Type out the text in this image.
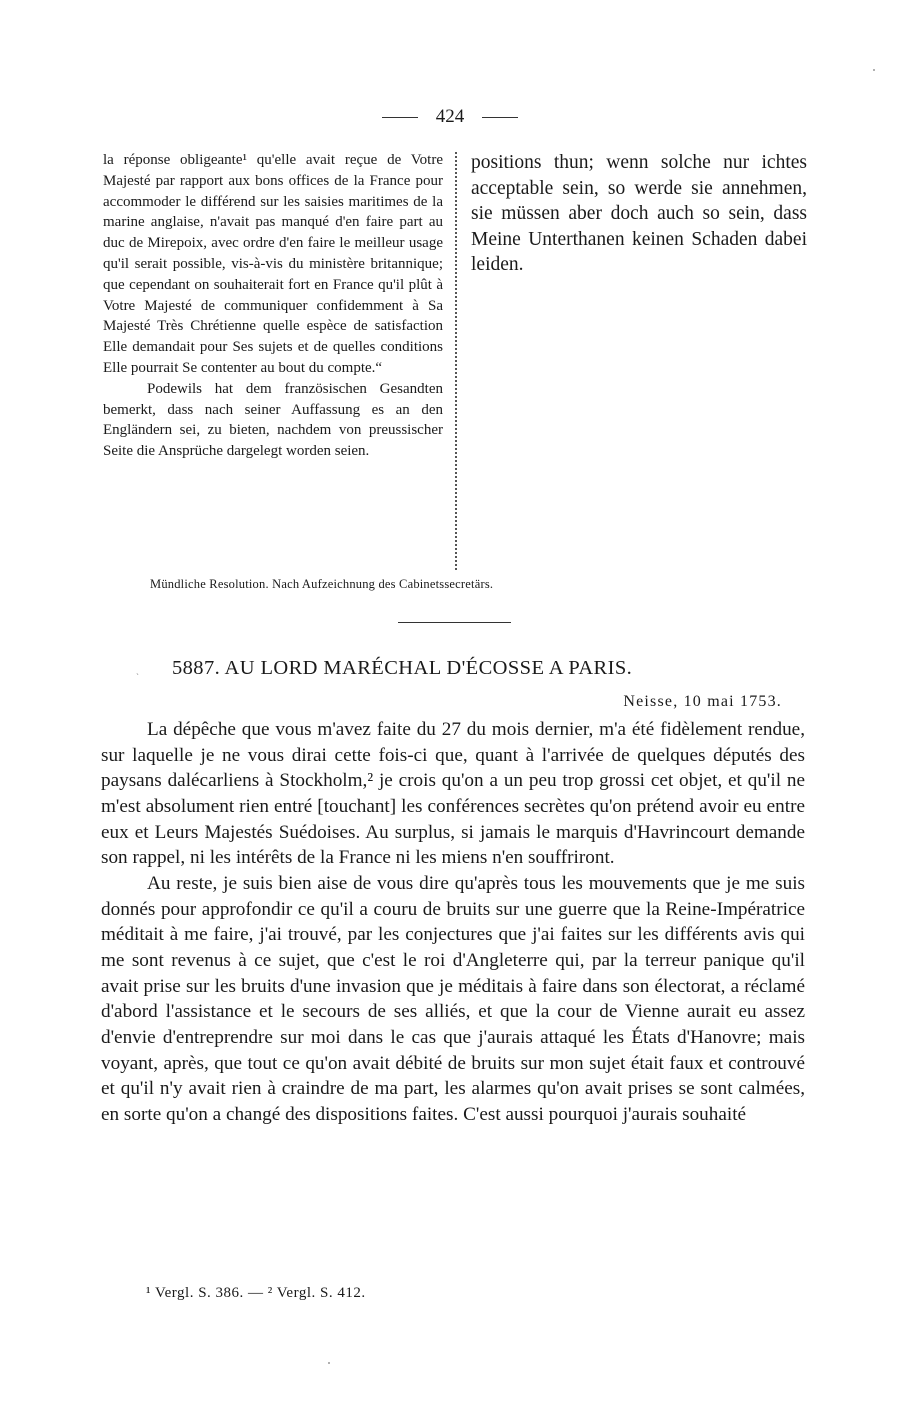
424

la réponse obligeante¹ qu'elle avait reçue de Votre Majesté par rapport aux bons offices de la France pour accommoder le différend sur les saisies maritimes de la marine anglaise, n'avait pas manqué d'en faire part au duc de Mirepoix, avec ordre d'en faire le meilleur usage qu'il serait possible, vis-à-vis du ministère britannique; que cependant on souhaiterait fort en France qu'il plût à Votre Majesté de communiquer confidemment à Sa Majesté Très Chrétienne quelle espèce de satisfaction Elle demandait pour Ses sujets et de quelles conditions Elle pourrait Se contenter au bout du compte.“

Podewils hat dem französischen Gesandten bemerkt, dass nach seiner Auffassung es an den Engländern sei, zu bieten, nachdem von preussischer Seite die Ansprüche dargelegt worden seien.

positions thun; wenn solche nur ichtes acceptable sein, so werde sie annehmen, sie müssen aber doch auch so sein, dass Meine Unterthanen keinen Schaden dabei leiden.

Mündliche Resolution. Nach Aufzeichnung des Cabinetssecretärs.
` 5887. AU LORD MARÉCHAL D'ÉCOSSE A PARIS.
Neisse, 10 mai 1753.

La dépêche que vous m'avez faite du 27 du mois dernier, m'a été fidèlement rendue, sur laquelle je ne vous dirai cette fois-ci que, quant à l'arrivée de quelques députés des paysans dalécarliens à Stockholm,² je crois qu'on a un peu trop grossi cet objet, et qu'il ne m'est absolument rien entré [touchant] les conférences secrètes qu'on prétend avoir eu entre eux et Leurs Majestés Suédoises. Au surplus, si jamais le marquis d'Havrincourt demande son rappel, ni les intérêts de la France ni les miens n'en souffriront.

Au reste, je suis bien aise de vous dire qu'après tous les mouvements que je me suis donnés pour approfondir ce qu'il a couru de bruits sur une guerre que la Reine-Impératrice méditait à me faire, j'ai trouvé, par les conjectures que j'ai faites sur les différents avis qui me sont revenus à ce sujet, que c'est le roi d'Angleterre qui, par la terreur panique qu'il avait prise sur les bruits d'une invasion que je méditais à faire dans son électorat, a réclamé d'abord l'assistance et le secours de ses alliés, et que la cour de Vienne aurait eu assez d'envie d'entreprendre sur moi dans le cas que j'aurais attaqué les États d'Hanovre; mais voyant, après, que tout ce qu'on avait débité de bruits sur mon sujet était faux et controuvé et qu'il n'y avait rien à craindre de ma part, les alarmes qu'on avait prises se sont calmées, en sorte qu'on a changé des dispositions faites. C'est aussi pourquoi j'aurais souhaité

¹ Vergl. S. 386. — ² Vergl. S. 412.
